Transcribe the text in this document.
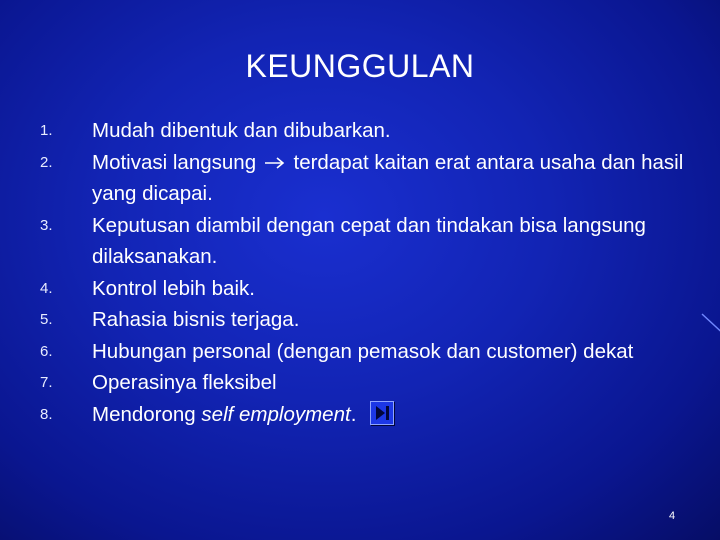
KEUNGGULAN
1.	Mudah dibentuk dan dibubarkan.
2.	Motivasi langsung terdapat kaitan erat antara usaha dan hasil yang dicapai.
3.	Keputusan diambil dengan cepat dan tindakan bisa langsung dilaksanakan.
4.	Kontrol lebih baik.
5.	Rahasia bisnis terjaga.
6.	Hubungan personal (dengan pemasok dan customer) dekat
7.	Operasinya fleksibel
8.	Mendorong self employment.
4
